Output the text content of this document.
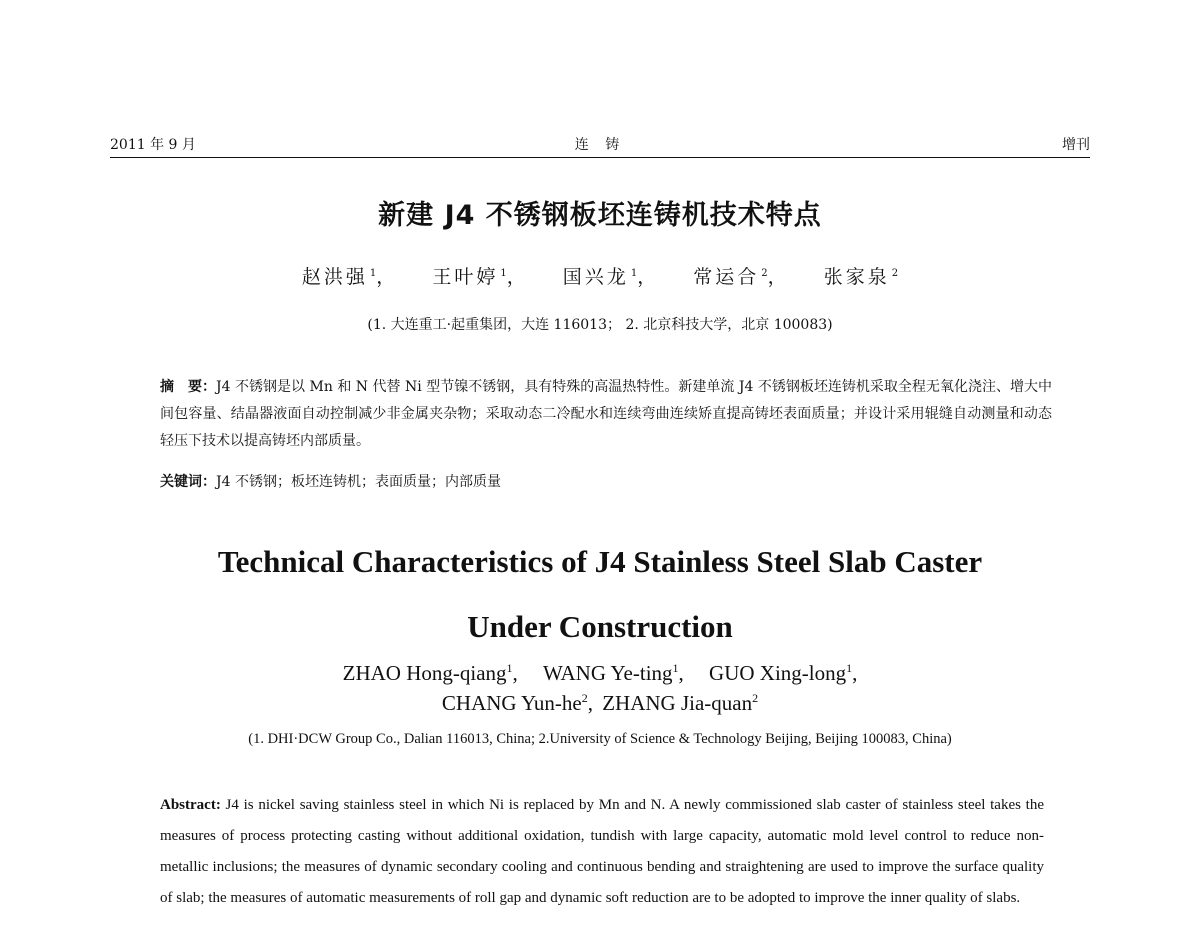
2011 年 9 月	连 铸	增刊
新建 J4 不锈钢板坯连铸机技术特点
赵洪强 $^1$， 王叶婷 $^1$， 国兴龙 $^1$， 常运合 $^2$， 张家泉 $^2$
(1. 大连重工·起重集团，大连 116013； 2. 北京科技大学，北京 100083)
摘　要：J4 不锈钢是以 Mn 和 N 代替 Ni 型节镍不锈钢，具有特殊的高温热特性。新建单流 J4 不锈钢板坯连铸机采取全程无氧化浇注、增大中间包容量、结晶器液面自动控制减少非金属夹杂物；采取动态二冷配水和连续弯曲连续矫直提高铸坯表面质量；并设计采用辊缝自动测量和动态轻压下技术以提高铸坯内部质量。
关键词：J4 不锈钢；板坯连铸机；表面质量；内部质量
Technical Characteristics of J4 Stainless Steel Slab Caster
Under Construction
ZHAO Hong-qiang$^1$, WANG Ye-ting$^1$, GUO Xing-long$^1$,
CHANG Yun-$he^2$, ZHANG Jia-quan$^2$
(1. DHI·DCW Group Co., Dalian 116013, China; 2.University of Science & Technology Beijing, Beijing 100083, China)
Abstract: J4 is nickel saving stainless steel in which Ni is replaced by Mn and N. A newly commissioned slab caster of stainless steel takes the measures of process protecting casting without additional oxidation, tundish with large capacity, automatic mold level control to reduce non-metallic inclusions; the measures of dynamic secondary cooling and continuous bending and straightening are used to improve the surface quality of slab; the measures of automatic measurements of roll gap and dynamic soft reduction are to be adopted to improve the inner quality of slabs.
